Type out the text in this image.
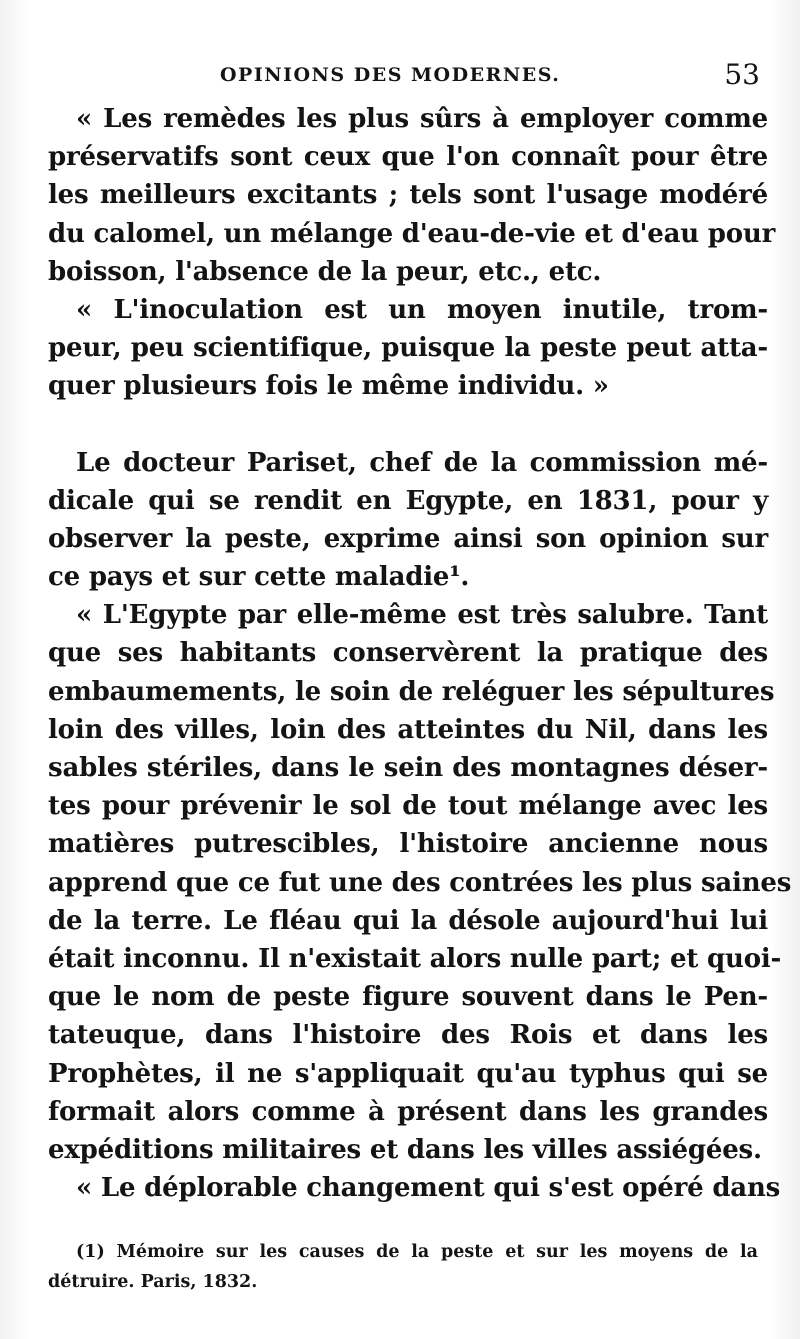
OPINIONS DES MODERNES.	53
« Les remèdes les plus sûrs à employer comme
préservatifs sont ceux que l'on connaît pour être
les meilleurs excitants ; tels sont l'usage modéré
du calomel, un mélange d'eau-de-vie et d'eau pour
boisson, l'absence de la peur, etc., etc.
« L'inoculation est un moyen inutile, trom-
peur, peu scientifique, puisque la peste peut atta-
quer plusieurs fois le même individu. »
Le docteur Pariset, chef de la commission mé-
dicale qui se rendit en Egypte, en 1831, pour y
observer la peste, exprime ainsi son opinion sur
ce pays et sur cette maladie¹.
« L'Egypte par elle-même est très salubre. Tant
que ses habitants conservèrent la pratique des
embaumements, le soin de reléguer les sépultures
loin des villes, loin des atteintes du Nil, dans les
sables stériles, dans le sein des montagnes déser-
tes pour prévenir le sol de tout mélange avec les
matières putrescibles, l'histoire ancienne nous
apprend que ce fut une des contrées les plus saines
de la terre. Le fléau qui la désole aujourd'hui lui
était inconnu. Il n'existait alors nulle part; et quoi-
que le nom de peste figure souvent dans le Pen-
tateuque, dans l'histoire des Rois et dans les
Prophètes, il ne s'appliquait qu'au typhus qui se
formait alors comme à présent dans les grandes
expéditions militaires et dans les villes assiégées.
« Le déplorable changement qui s'est opéré dans
(1) Mémoire sur les causes de la peste et sur les moyens de la
détruire. Paris, 1832.
